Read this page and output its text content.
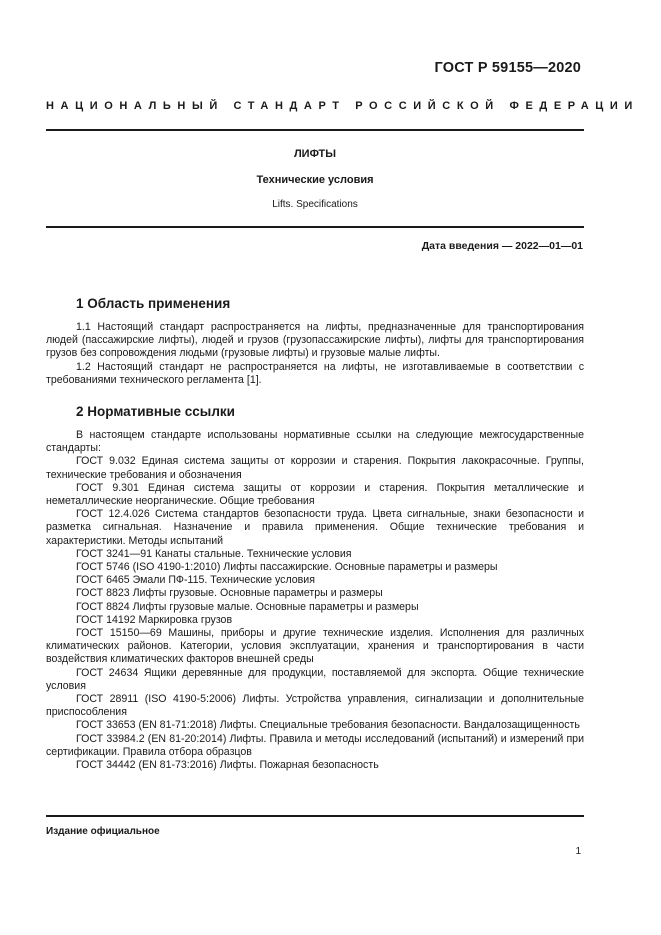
ГОСТ Р 59155—2020
НАЦИОНАЛЬНЫЙ СТАНДАРТ РОССИЙСКОЙ ФЕДЕРАЦИИ
ЛИФТЫ
Технические условия
Lifts. Specifications
Дата введения — 2022—01—01
1 Область применения

1.1 Настоящий стандарт распространяется на лифты, предназначенные для транспортирования людей (пассажирские лифты), людей и грузов (грузопассажирские лифты), лифты для транспортирования грузов без сопровождения людьми (грузовые лифты) и грузовые малые лифты.

1.2 Настоящий стандарт не распространяется на лифты, не изготавливаемые в соответствии с требованиями технического регламента [1].

2 Нормативные ссылки

В настоящем стандарте использованы нормативные ссылки на следующие межгосударственные стандарты:

ГОСТ 9.032 Единая система защиты от коррозии и старения. Покрытия лакокрасочные. Группы, технические требования и обозначения

ГОСТ 9.301 Единая система защиты от коррозии и старения. Покрытия металлические и неметаллические неорганические. Общие требования

ГОСТ 12.4.026 Система стандартов безопасности труда. Цвета сигнальные, знаки безопасности и разметка сигнальная. Назначение и правила применения. Общие технические требования и характеристики. Методы испытаний

ГОСТ 3241—91 Канаты стальные. Технические условия

ГОСТ 5746 (ISO 4190-1:2010) Лифты пассажирские. Основные параметры и размеры

ГОСТ 6465 Эмали ПФ-115. Технические условия

ГОСТ 8823 Лифты грузовые. Основные параметры и размеры

ГОСТ 8824 Лифты грузовые малые. Основные параметры и размеры

ГОСТ 14192 Маркировка грузов

ГОСТ 15150—69 Машины, приборы и другие технические изделия. Исполнения для различных климатических районов. Категории, условия эксплуатации, хранения и транспортирования в части воздействия климатических факторов внешней среды

ГОСТ 24634 Ящики деревянные для продукции, поставляемой для экспорта. Общие технические условия

ГОСТ 28911 (ISO 4190-5:2006) Лифты. Устройства управления, сигнализации и дополнительные приспособления

ГОСТ 33653 (EN 81-71:2018) Лифты. Специальные требования безопасности. Вандалозащищенность

ГОСТ 33984.2 (EN 81-20:2014) Лифты. Правила и методы исследований (испытаний) и измерений при сертификации. Правила отбора образцов

ГОСТ 34442 (EN 81-73:2016) Лифты. Пожарная безопасность

Издание официальное
1
